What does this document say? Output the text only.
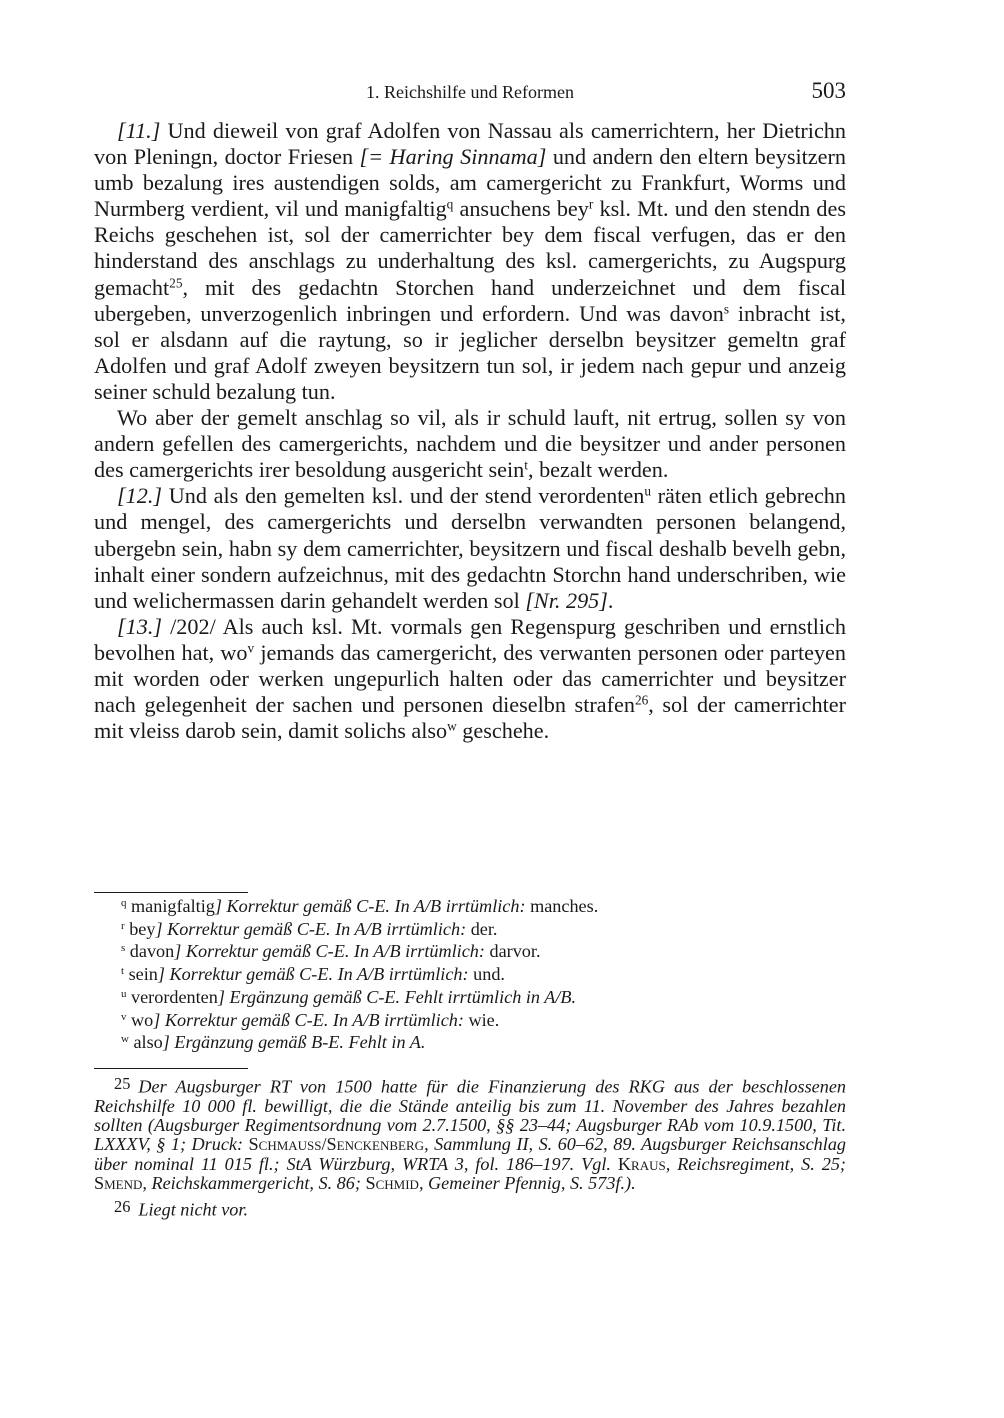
1. Reichshilfe und Reformen	503

[11.] Und dieweil von graf Adolfen von Nassau als camerrichtern, her Dietrichn von Pleningn, doctor Friesen [= Haring Sinnama] und andern den eltern beysitzern umb bezalung ires austendigen solds, am camergericht zu Frankfurt, Worms und Nurmberg verdient, vil und manigfaltig$^q$ ansuchens bey$^r$ ksl. Mt. und den stendn des Reichs geschehen ist, sol der camerrichter bey dem fiscal verfugen, das er den hinderstand des anschlags zu underhaltung des ksl. camergerichts, zu Augspurg gemacht$^{25}$, mit des gedachtn Storchen hand underzeichnet und dem fiscal ubergeben, unverzogenlich inbringen und erfordern. Und was davon$^s$ inbracht ist, sol er alsdann auf die raytung, so ir jeglicher derselbn beysitzer gemeltn graf Adolfen und graf Adolf zweyen beysitzern tun sol, ir jedem nach gepur und anzeig seiner schuld bezalung tun.

Wo aber der gemelt anschlag so vil, als ir schuld lauft, nit ertrug, sollen sy von andern gefellen des camergerichts, nachdem und die beysitzer und ander personen des camergerichts irer besoldung ausgericht sein$^t$, bezalt werden.

[12.] Und als den gemelten ksl. und der stend verordenten$^u$ räten etlich gebrechn und mengel, des camergerichts und derselbn verwandten personen belangend, ubergebn sein, habn sy dem camerrichter, beysitzern und fiscal deshalb bevelh gebn, inhalt einer sondern aufzeichnus, mit des gedachtn Storchn hand underschriben, wie und welichermassen darin gehandelt werden sol [Nr. 295].

[13.] /202/ Als auch ksl. Mt. vormals gen Regenspurg geschriben und ernstlich bevolhen hat, $wo^v$ jemands das camergericht, des verwanten personen oder parteyen mit worden oder werken ungepurlich halten oder das camerrichter und beysitzer nach gelegenheit der sachen und personen dieselbn strafen$^{26}$, sol der camerrichter mit vleiss darob sein, damit solichs also$^w$ geschehe.

$^q$ manigfaltig] Korrektur gemäß C-E. In A/B irrtümlich: manches.
$^r$ bey] Korrektur gemäß C-E. In A/B irrtümlich: der.
$^s$ davon] Korrektur gemäß C-E. In A/B irrtümlich: darvor.
$^t$ sein] Korrektur gemäß C-E. In A/B irrtümlich: und.
$^u$ verordenten] Ergänzung gemäß C-E. Fehlt irrtümlich in A/B.
$^v$ wo] Korrektur gemäß C-E. In A/B irrtümlich: wie.
$^w$ also] Ergänzung gemäß B-E. Fehlt in A.

25 Der Augsburger RT von 1500 hatte für die Finanzierung des RKG aus der beschlossenen Reichshilfe 10 000 fl. bewilligt, die die Stände anteilig bis zum 11. November des Jahres bezahlen sollten (Augsburger Regimentsordnung vom 2.7.1500, §§ 23–44; Augsburger RAb vom 10.9.1500, Tit. LXXXV, § 1; Druck: Schmauss/Senckenberg, Sammlung II, S. 60–62, 89. Augsburger Reichsanschlag über nominal 11 015 fl.; StA Würzburg, WRTA 3, fol. 186–197. Vgl. Kraus, Reichsregiment, S. 25; Smend, Reichskammergericht, S. 86; Schmid, Gemeiner Pfennig, S. 573f.).

26 Liegt nicht vor.
